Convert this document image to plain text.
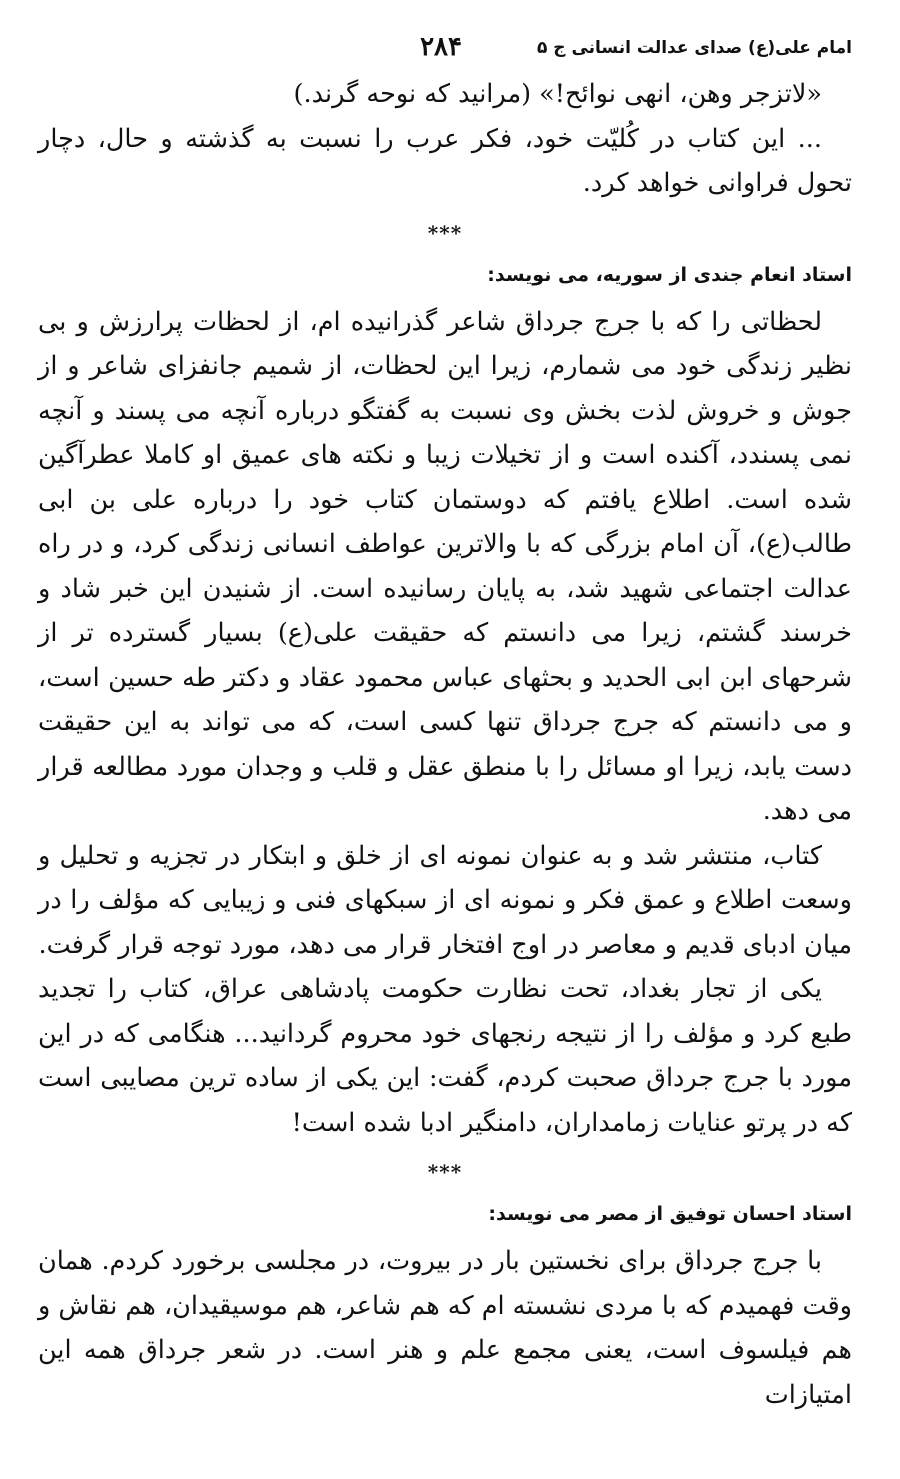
امام علی(ع) صدای عدالت انسانی ج ۵
۲۸۴

«لاتزجر وهن، انهی نوائح!» (مرانید که نوحه گرند.)

... این کتاب در کُلیّت خود، فکر عرب را نسبت به گذشته و حال، دچار تحول فراوانی خواهد کرد.

***
استاد انعام جندی از سوریه، می نویسد:

لحظاتی را که با جرج جرداق شاعر گذرانیده ام، از لحظات پرارزش و بی نظیر زندگی خود می شمارم، زیرا این لحظات، از شمیم جانفزای شاعر و از جوش و خروش لذت بخش وی نسبت به گفتگو درباره آنچه می پسند و آنچه نمی پسندد، آکنده است و از تخیلات زیبا و نکته های عمیق او کاملا عطرآگین شده است. اطلاع یافتم که دوستمان کتاب خود را درباره علی بن ابی طالب(ع)، آن امام بزرگی که با والاترین عواطف انسانی زندگی کرد، و در راه عدالت اجتماعی شهید شد، به پایان رسانیده است. از شنیدن این خبر شاد و خرسند گشتم، زیرا می دانستم که حقیقت علی(ع) بسیار گسترده تر از شرحهای ابن ابی الحدید و بحثهای عباس محمود عقاد و دکتر طه حسین است، و می دانستم که جرج جرداق تنها کسی است، که می تواند به این حقیقت دست یابد، زیرا او مسائل را با منطق عقل و قلب و وجدان مورد مطالعه قرار می دهد.

کتاب، منتشر شد و به عنوان نمونه ای از خلق و ابتکار در تجزیه و تحلیل و وسعت اطلاع و عمق فکر و نمونه ای از سبکهای فنی و زیبایی که مؤلف را در میان ادبای قدیم و معاصر در اوج افتخار قرار می دهد، مورد توجه قرار گرفت.

یکی از تجار بغداد، تحت نظارت حکومت پادشاهی عراق، کتاب را تجدید طبع کرد و مؤلف را از نتیجه رنجهای خود محروم گردانید... هنگامی که در این مورد با جرج جرداق صحبت کردم، گفت: این یکی از ساده ترین مصایبی است که در پرتو عنایات زمامداران، دامنگیر ادبا شده است!

***
استاد احسان توفیق از مصر می نویسد:

با جرج جرداق برای نخستین بار در بیروت، در مجلسی برخورد کردم. همان وقت فهمیدم که با مردی نشسته ام که هم شاعر، هم موسیقیدان، هم نقاش و هم فیلسوف است، یعنی مجمع علم و هنر است. در شعر جرداق همه این امتیازات
